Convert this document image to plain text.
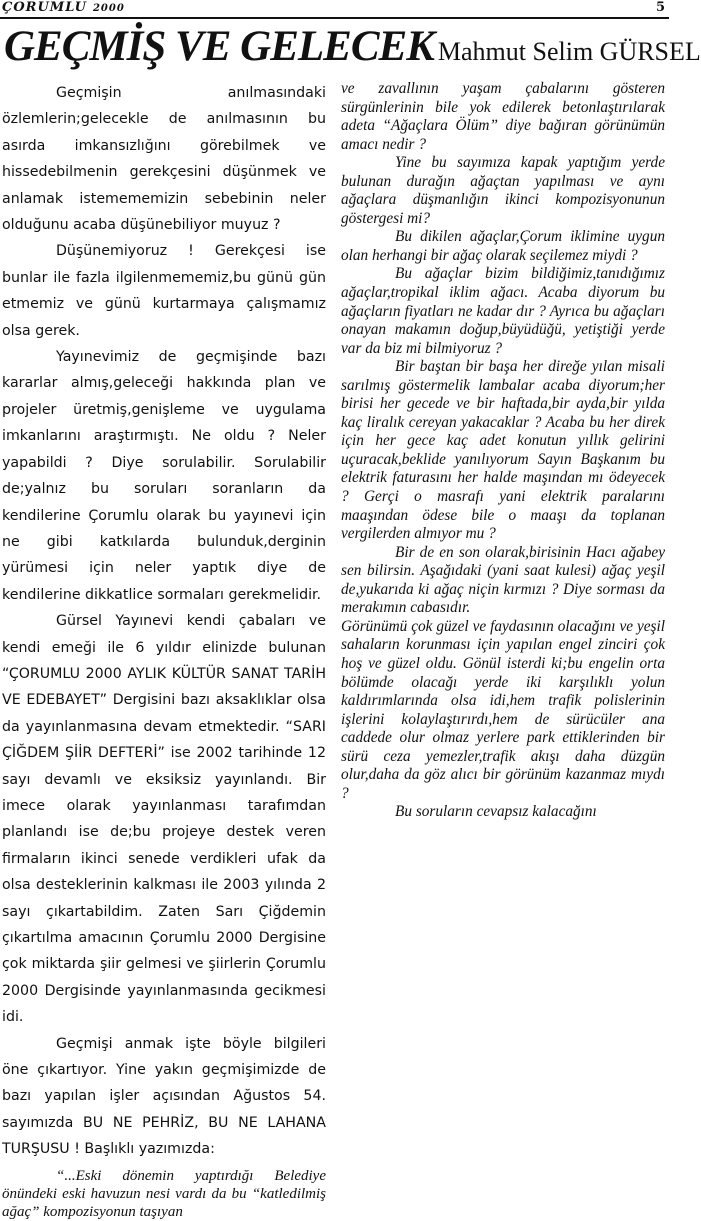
ÇORUMLU 2000	5
GEÇMİŞ VE GELECEK Mahmut Selim GÜRSEL

Geçmişin anılmasındaki özlemlerin;gelecekle de anılmasının bu asırda imkansızlığını görebilmek ve hissedebilmenin gerekçesini düşünmek ve anlamak istemememizin sebebinin neler olduğunu acaba düşünebiliyor muyuz ?

Düşünemiyoruz ! Gerekçesi ise bunlar ile fazla ilgilenmememiz,bu günü gün etmemiz ve günü kurtarmaya çalışmamız olsa gerek.

Yayınevimiz de geçmişinde bazı kararlar almış,geleceği hakkında plan ve projeler üretmiş,genişleme ve uygulama imkanlarını araştırmıştı. Ne oldu ? Neler yapabildi ? Diye sorulabilir. Sorulabilir de;yalnız bu soruları soranların da kendilerine Çorumlu olarak bu yayınevi için ne gibi katkılarda bulunduk,derginin yürümesi için neler yaptık diye de kendilerine dikkatlice sormaları gerekmelidir.

Gürsel Yayınevi kendi çabaları ve kendi emeği ile 6 yıldır elinizde bulunan “ÇORUMLU 2000 AYLIK KÜLTÜR SANAT TARİH VE EDEBAYET” Dergisini bazı aksaklıklar olsa da yayınlanmasına devam etmektedir. “SARI ÇİĞDEM ŞİİR DEFTERİ” ise 2002 tarihinde 12 sayı devamlı ve eksiksiz yayınlandı. Bir imece olarak yayınlanması tarafımdan planlandı ise de;bu projeye destek veren firmaların ikinci senede verdikleri ufak da olsa desteklerinin kalkması ile 2003 yılında 2 sayı çıkartabildim. Zaten Sarı Çiğdemin çıkartılma amacının Çorumlu 2000 Dergisine çok miktarda şiir gelmesi ve şiirlerin Çorumlu 2000 Dergisinde yayınlanmasında gecikmesi idi.

Geçmişi anmak işte böyle bilgileri öne çıkartıyor. Yine yakın geçmişimizde de bazı yapılan işler açısından Ağustos 54. sayımızda BU NE PEHRİZ, BU NE LAHANA TURŞUSU ! Başlıklı yazımızda:

“...Eski dönemin yaptırdığı Belediye önündeki eski havuzun nesi vardı da bu “katledilmiş ağaç” kompozisyonun taşıyan

ve zavallının yaşam çabalarını gösteren sürgünlerinin bile yok edilerek betonlaştırılarak adeta “Ağaçlara Ölüm” diye bağıran görünümün amacı nedir ?

Yine bu sayımıza kapak yaptığım yerde bulunan durağın ağaçtan yapılması ve aynı ağaçlara düşmanlığın ikinci kompozisyonunun göstergesi mi?

Bu dikilen ağaçlar,Çorum iklimine uygun olan herhangi bir ağaç olarak seçilemez miydi ?

Bu ağaçlar bizim bildiğimiz,tanıdığımız ağaçlar,tropikal iklim ağacı. Acaba diyorum bu ağaçların fiyatları ne kadar dır ? Ayrıca bu ağaçları onayan makamın doğup,büyüdüğü, yetiştiği yerde var da biz mi bilmiyoruz ?

Bir baştan bir başa her direğe yılan misali sarılmış göstermelik lambalar acaba diyorum;her birisi her gecede ve bir haftada,bir ayda,bir yılda kaç liralık cereyan yakacaklar ? Acaba bu her direk için her gece kaç adet konutun yıllık gelirini uçuracak,beklide yanılıyorum Sayın Başkanım bu elektrik faturasını her halde maşından mı ödeyecek ? Gerçi o masrafı yani elektrik paralarını maaşından ödese bile o maaşı da toplanan vergilerden almıyor mu ?

Bir de en son olarak,birisinin Hacı ağabey sen bilirsin. Aşağıdaki (yani saat kulesi) ağaç yeşil de,yukarıda ki ağaç niçin kırmızı ? Diye sorması da merakımın cabasıdır.

Görünümü çok güzel ve faydasının olacağını ve yeşil sahaların korunması için yapılan engel zinciri çok hoş ve güzel oldu. Gönül isterdi ki;bu engelin orta bölümde olacağı yerde iki karşılıklı yolun kaldırımlarında olsa idi,hem trafik polislerinin işlerini kolaylaştırırdı,hem de sürücüler ana caddede olur olmaz yerlere park ettiklerinden bir sürü ceza yemezler,trafik akışı daha düzgün olur,daha da göz alıcı bir görünüm kazanmaz mıydı ?

Bu soruların cevapsız kalacağını
